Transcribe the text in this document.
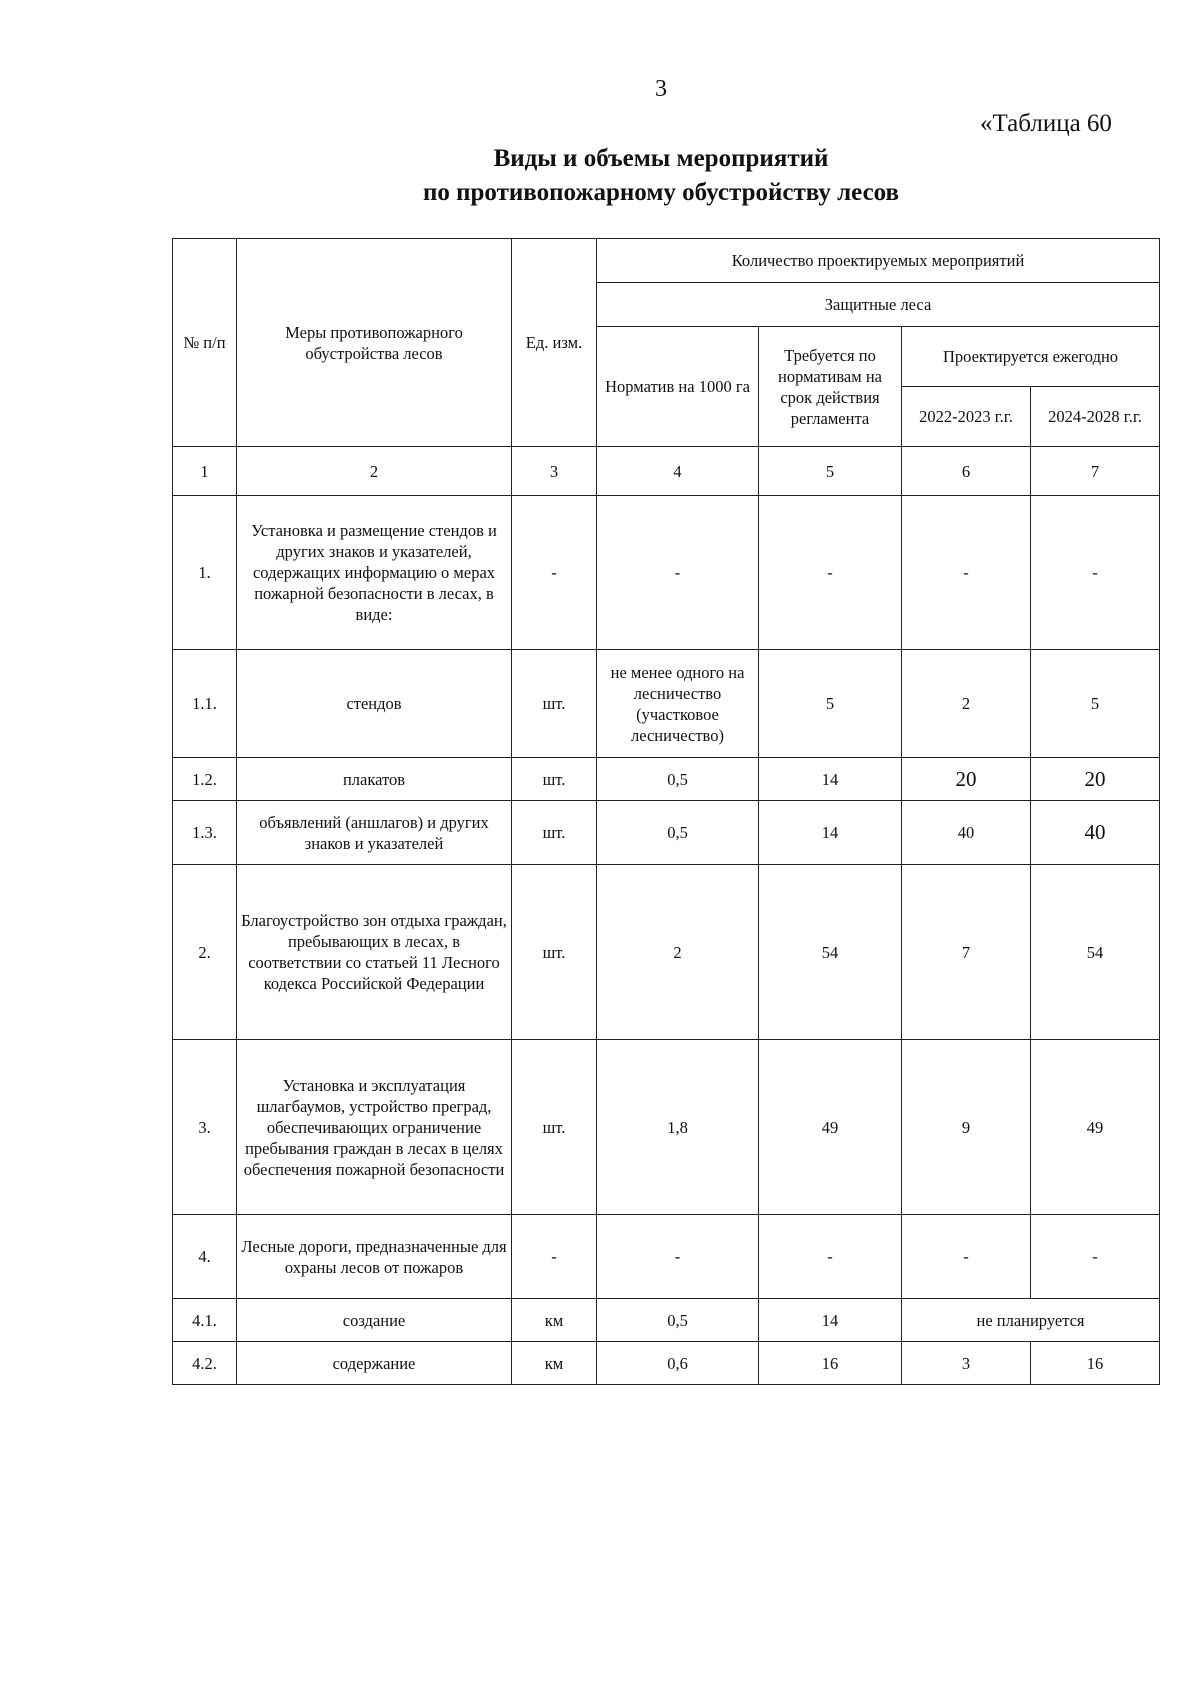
3
«Таблица 60
Виды и объемы мероприятий
по противопожарному обустройству лесов
№ п/п	Меры противопожарного обустройства лесов	Ед. изм.	Количество проектируемых мероприятий			
			Защитные леса			
			Норматив на 1000 га	Требуется по нормативам на срок действия регламента	Проектируется ежегодно	
					2022-2023 г.г.	2024-2028 г.г.
1	2	3	4	5	6	7
1.	Установка и размещение стендов и других знаков и указателей, содержащих информацию о мерах пожарной безопасности в лесах, в виде:	-	-	-	-	-
1.1.	стендов	шт.	не менее одного на лесничество (участковое лесничество)	5	2	5
1.2.	плакатов	шт.	0,5	14	20	20
1.3.	объявлений (аншлагов) и других знаков и указателей	шт.	0,5	14	40	40
2.	Благоустройство зон отдыха граждан, пребывающих в лесах, в соответствии со статьей 11 Лесного кодекса Российской Федерации	шт.	2	54	7	54
3.	Установка и эксплуатация шлагбаумов, устройство преград, обеспечивающих ограничение пребывания граждан в лесах в целях обеспечения пожарной безопасности	шт.	1,8	49	9	49
4.	Лесные дороги, предназначенные для охраны лесов от пожаров	-	-	-	-	-
4.1.	создание	км	0,5	14	не планируется	
4.2.	содержание	км	0,6	16	3	16
